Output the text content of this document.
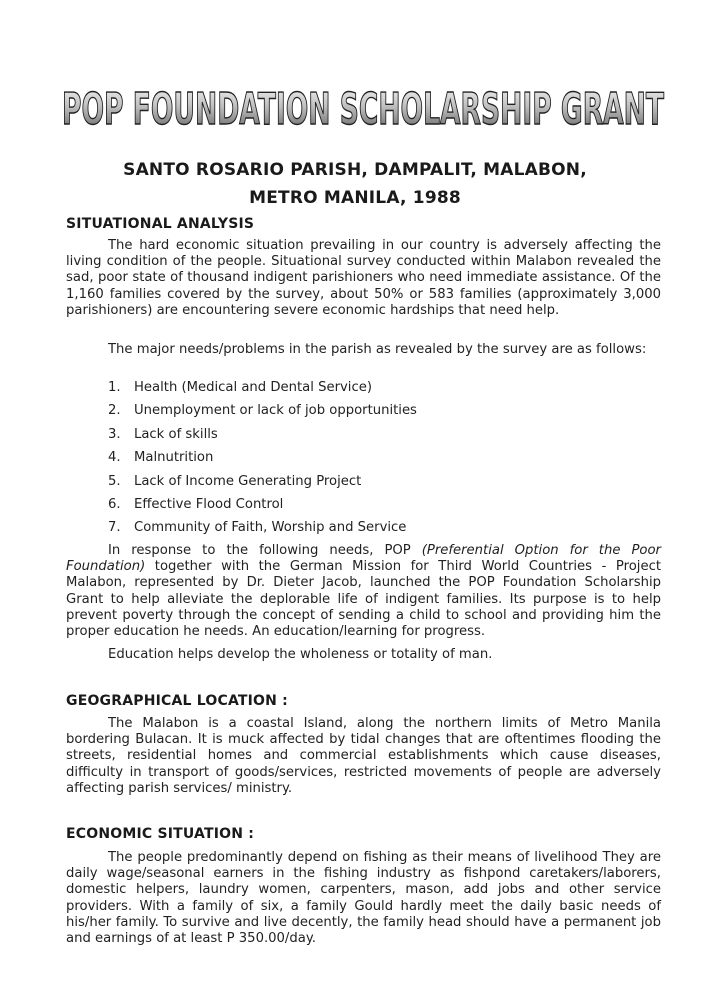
POP FOUNDATION SCHOLARSHIP GRANT
SANTO ROSARIO PARISH, DAMPALIT, MALABON,
METRO MANILA, 1988
SITUATIONAL ANALYSIS

The hard economic situation prevailing in our country is adversely affecting the living condition of the people. Situational survey conducted within Malabon revealed the sad, poor state of thousand indigent parishioners who need immediate assistance. Of the 1,160 families covered by the survey, about 50% or 583 families (approximately 3,000 parishioners) are encountering severe economic hardships that need help.

The major needs/problems in the parish as revealed by the survey are as follows:

1. Health (Medical and Dental Service)
2. Unemployment or lack of job opportunities
3. Lack of skills
4. Malnutrition
5. Lack of Income Generating Project
6. Effective Flood Control
7. Community of Faith, Worship and Service

In response to the following needs, POP (Preferential Option for the Poor Foundation) together with the German Mission for Third World Countries - Project Malabon, represented by Dr. Dieter Jacob, launched the POP Foundation Scholarship Grant to help alleviate the deplorable life of indigent families. Its purpose is to help prevent poverty through the concept of sending a child to school and providing him the proper education he needs. An education/learning for progress.

Education helps develop the wholeness or totality of man.

GEOGRAPHICAL LOCATION :

The Malabon is a coastal Island, along the northern limits of Metro Manila bordering Bulacan. It is muck affected by tidal changes that are oftentimes flooding the streets, residential homes and commercial establishments which cause diseases, difficulty in transport of goods/services, restricted movements of people are adversely affecting parish services/ ministry.

ECONOMIC SITUATION :

The people predominantly depend on fishing as their means of livelihood They are daily wage/seasonal earners in the fishing industry as fishpond caretakers/laborers, domestic helpers, laundry women, carpenters, mason, add jobs and other service providers. With a family of six, a family Gould hardly meet the daily basic needs of his/her family. To survive and live decently, the family head should have a permanent job and earnings of at least P 350.00/day.
